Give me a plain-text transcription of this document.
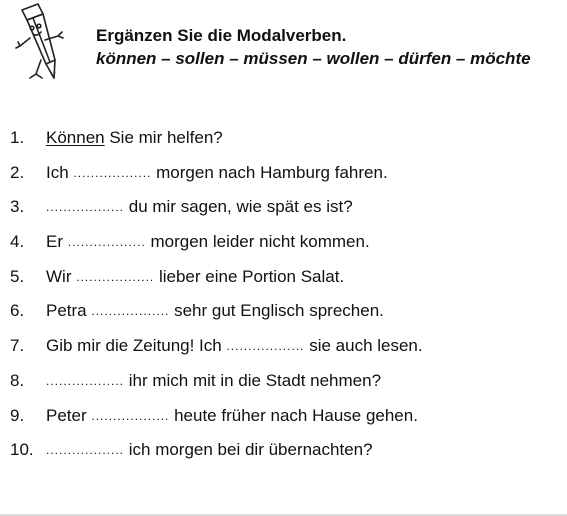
Ergänzen Sie die Modalverben.
können – sollen – müssen – wollen – dürfen – möchte
1. Können Sie mir helfen?
2. Ich .................. morgen nach Hamburg fahren.
3. .................. du mir sagen, wie spät es ist?
4. Er .................. morgen leider nicht kommen.
5. Wir .................. lieber eine Portion Salat.
6. Petra .................. sehr gut Englisch sprechen.
7. Gib mir die Zeitung! Ich .................. sie auch lesen.
8. .................. ihr mich mit in die Stadt nehmen?
9. Peter .................. heute früher nach Hause gehen.
10. .................. ich morgen bei dir übernachten?
